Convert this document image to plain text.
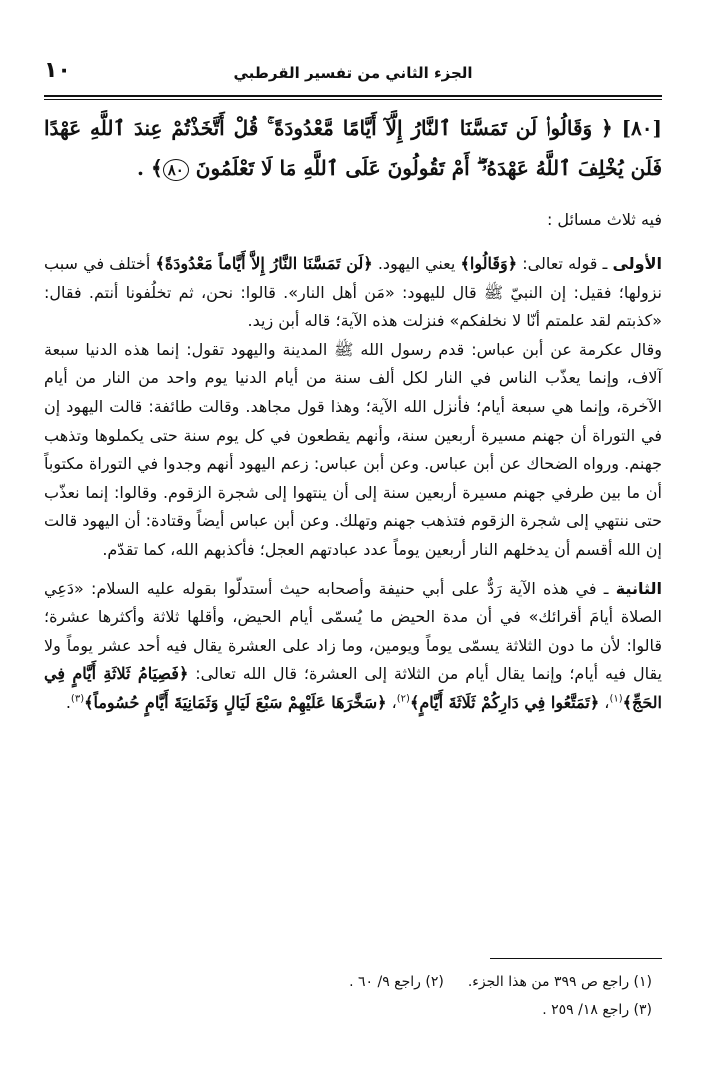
١٠	الجزء الثاني من تفسير القرطبي

[٨٠] ﴿ وَقَالُوا۟ لَن تَمَسَّنَا ٱلنَّارُ إِلَّآ أَيَّامًا مَّعْدُودَةً ۚ قُلْ أَتَّخَذْتُمْ عِندَ ٱللَّهِ عَهْدًا فَلَن يُخْلِفَ ٱللَّهُ عَهْدَهُۥٓ ۖ أَمْ تَقُولُونَ عَلَى ٱللَّهِ مَا لَا تَعْلَمُونَ ٨٠﴾ .

فيه ثلاث مسائل :

الأولى ـ قوله تعالى: ﴿وَقَالُوا﴾ يعني اليهود. ﴿لَن تَمَسَّنَا النَّارُ إِلاَّ أَيَّاماً مَعْدُودَةً﴾ أختلف في سبب نزولها؛ فقيل: إن النبيّ ﷺ قال لليهود: «مَن أهل النار». قالوا: نحن، ثم تخلُفونا أنتم. فقال: «كذبتم لقد علمتم أنّا لا نخلفكم» فنزلت هذه الآية؛ قاله أبن زيد.

وقال عكرمة عن أبن عباس: قدم رسول الله ﷺ المدينة واليهود تقول: إنما هذه الدنيا سبعة آلاف، وإنما يعذّب الناس في النار لكل ألف سنة من أيام الدنيا يوم واحد من النار من أيام الآخرة، وإنما هي سبعة أيام؛ فأنزل الله الآية؛ وهذا قول مجاهد. وقالت طائفة: قالت اليهود إن في التوراة أن جهنم مسيرة أربعين سنة، وأنهم يقطعون في كل يوم سنة حتى يكملوها وتذهب جهنم. ورواه الضحاك عن أبن عباس. وعن أبن عباس: زعم اليهود أنهم وجدوا في التوراة مكتوباً أن ما بين طرفي جهنم مسيرة أربعين سنة إلى أن ينتهوا إلى شجرة الزقوم. وقالوا: إنما نعذّب حتى ننتهي إلى شجرة الزقوم فتذهب جهنم وتهلك. وعن أبن عباس أيضاً وقتادة: أن اليهود قالت إن الله أقسم أن يدخلهم النار أربعين يوماً عدد عبادتهم العجل؛ فأكذبهم الله، كما تقدّم.

الثانية ـ في هذه الآية رَدٌّ على أبي حنيفة وأصحابه حيث أستدلّوا بقوله عليه السلام: «دَعِي الصلاة أيامَ أقرائك» في أن مدة الحيض ما يُسمّى أيام الحيض، وأقلها ثلاثة وأكثرها عشرة؛ قالوا: لأن ما دون الثلاثة يسمّى يوماً ويومين، وما زاد على العشرة يقال فيه أحد عشر يوماً ولا يقال فيه أيام؛ وإنما يقال أيام من الثلاثة إلى العشرة؛ قال الله تعالى: ﴿فَصِيَامُ ثَلاثَةِ أَيَّامٍ فِي الحَجِّ﴾$^{(١)}$، ﴿تَمَتَّعُوا فِي دَارِكُمْ ثَلَاثَةَ أَيَّامٍ﴾$^{(٢)}$، ﴿سَخَّرَهَا عَلَيْهِمْ سَبْعَ لَيَالٍ وَثَمَانِيَةَ أَيَّامٍ حُسُوماً﴾$^{(٣)}$.

(١) راجع ص ٣٩٩ من هذا الجزء.(٢) راجع ٩/ ٦٠ .
(٣) راجع ١٨/ ٢٥٩ .
